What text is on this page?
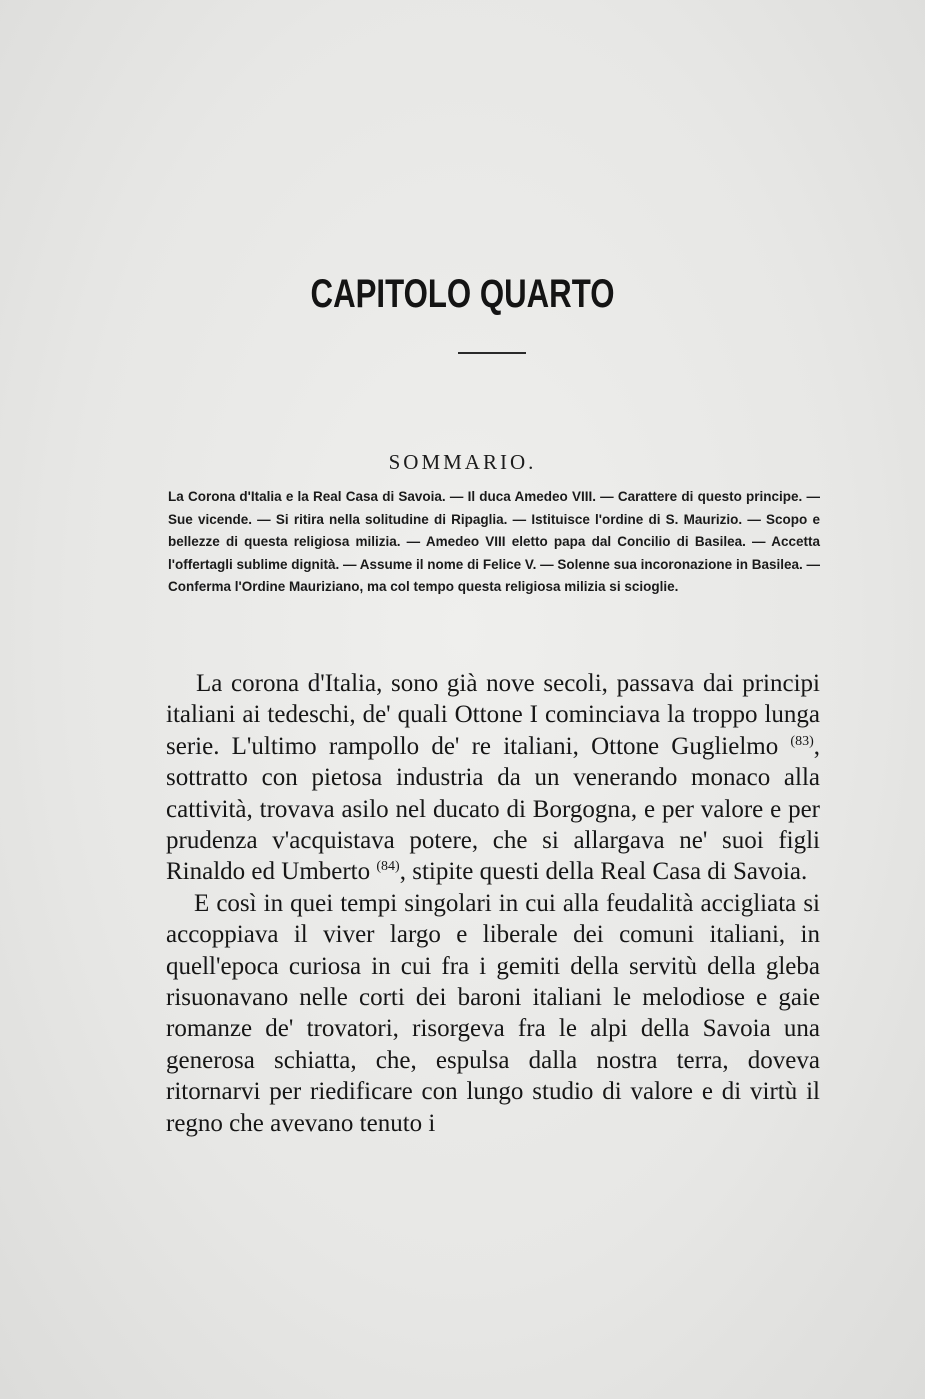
CAPITOLO QUARTO
SOMMARIO.
La Corona d'Italia e la Real Casa di Savoia. — Il duca Amedeo VIII. — Carattere di questo principe. — Sue vicende. — Si ritira nella solitudine di Ripaglia. — Istituisce l'ordine di S. Maurizio. — Scopo e bellezze di questa religiosa milizia. — Amedeo VIII eletto papa dal Concilio di Basilea. — Accetta l'offertagli sublime dignità. — Assume il nome di Felice V. — Solenne sua incoronazione in Basilea. — Conferma l'Ordine Mauriziano, ma col tempo questa religiosa milizia si scioglie.

La corona d'Italia, sono già nove secoli, passava dai principi italiani ai tedeschi, de' quali Ottone I cominciava la troppo lunga serie. L'ultimo rampollo de' re italiani, Ottone Guglielmo $^{(83)}$, sottratto con pietosa industria da un venerando monaco alla cattività, trovava asilo nel ducato di Borgogna, e per valore e per prudenza v'acquistava potere, che si allargava ne' suoi figli Rinaldo ed Umberto $^{(84)}$, stipite questi della Real Casa di Savoia.

E così in quei tempi singolari in cui alla feudalità accigliata si accoppiava il viver largo e liberale dei comuni italiani, in quell'epoca curiosa in cui fra i gemiti della servitù della gleba risuonavano nelle corti dei baroni italiani le melodiose e gaie romanze de' trovatori, risorgeva fra le alpi della Savoia una generosa schiatta, che, espulsa dalla nostra terra, doveva ritornarvi per riedificare con lungo studio di valore e di virtù il regno che avevano tenuto i
